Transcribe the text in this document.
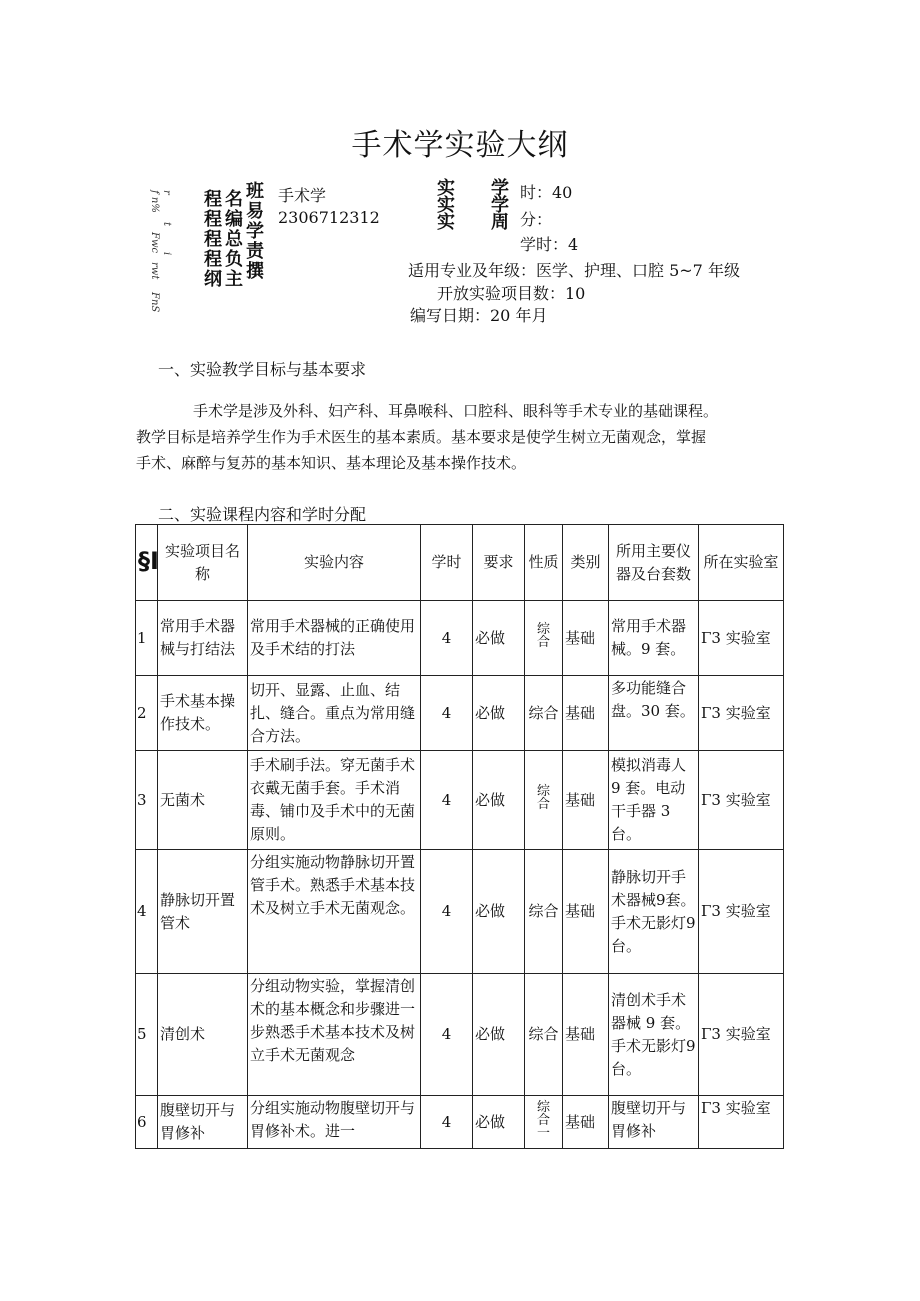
手术学实验大纲
f n%
Fwc
rwt
FnS
r
t
i
程
程
程
程
纲
名
编
总
负
主
班
易
学
责
撰
手术学
2306712312
实
实
实
学
学
周
时：40
分：
学时：4
适用专业及年级：医学、护理、口腔 5~7 年级
开放实验项目数：10
编写日期：20 年月
一、实验教学目标与基本要求

手术学是涉及外科、妇产科、耳鼻喉科、口腔科、眼科等手术专业的基础课程。

教学目标是培养学生作为手术医生的基本素质。基本要求是使学生树立无菌观念，掌握

手术、麻醉与复苏的基本知识、基本理论及基本操作技术。

二、实验课程内容和学时分配
§I	实验项目名称	实验内容	学时	要求	性质	类别	所用主要仪器及台套数	所在实验室
1	常用手术器械与打结法	常用手术器械的正确使用及手术结的打法	4	必做	综合	基础	常用手术器械。9 套。	Γ3 实验室
2	手术基本操作技术。	切开、显露、止血、结扎、缝合。重点为常用缝合方法。	4	必做	综合	基础	多功能缝合盘。30 套。	Γ3 实验室
3	无菌术	手术刷手法。穿无菌手术衣戴无菌手套。手术消毒、铺巾及手术中的无菌原则。	4	必做	综合	基础	模拟消毒人 9 套。电动干手器 3 台。	Γ3 实验室
4	静脉切开置管术	分组实施动物静脉切开置管手术。熟悉手术基本技术及树立手术无菌观念。	4	必做	综合	基础	静脉切开手术器械9套。手术无影灯9 台。	Γ3 实验室
5	清创术	分组动物实验，掌握清创术的基本概念和步骤进一步熟悉手术基本技术及树立手术无菌观念	4	必做	综合	基础	清创术手术器械 9 套。手术无影灯9 台。	Γ3 实验室
6	腹壁切开与胃修补	分组实施动物腹壁切开与胃修补术。进一	4	必做	综合一	基础	腹壁切开与胃修补	Γ3 实验室
